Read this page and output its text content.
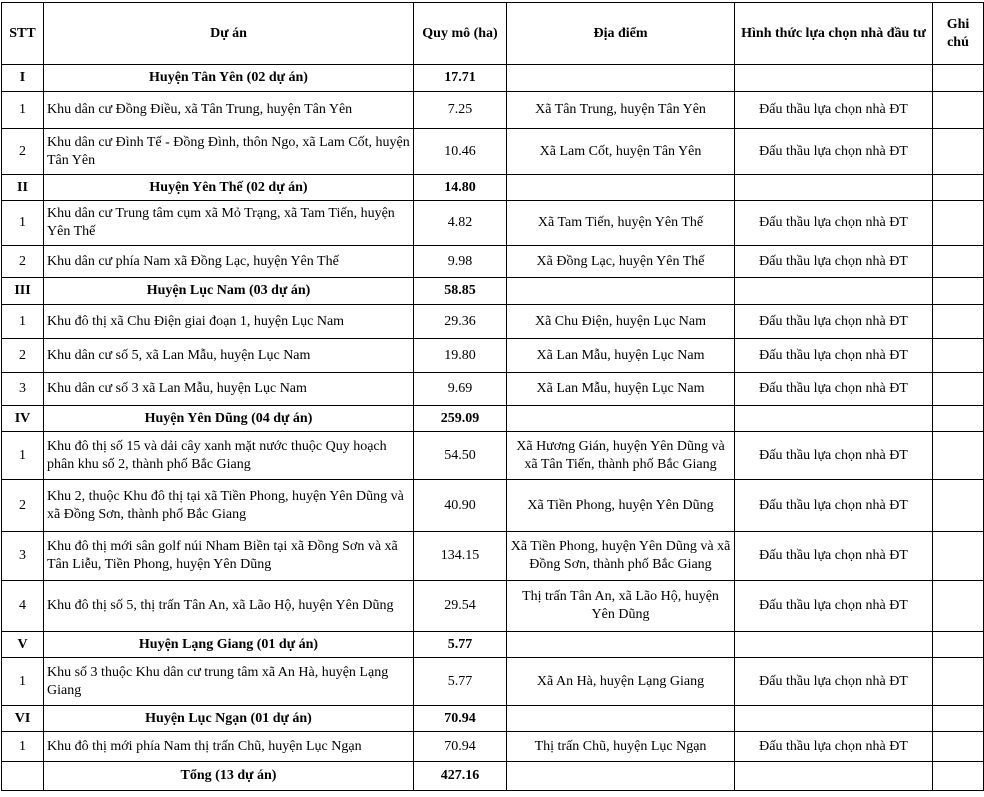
STT	Dự án	Quy mô (ha)	Địa điểm	Hình thức lựa chọn nhà đầu tư	Ghi chú
I	Huyện Tân Yên (02 dự án)	17.71			
1	Khu dân cư Đồng Điều, xã Tân Trung, huyện Tân Yên	7.25	Xã Tân Trung, huyện Tân Yên	Đấu thầu lựa chọn nhà ĐT	
2	Khu dân cư Đình Tế - Đồng Đình, thôn Ngo, xã Lam Cốt, huyện Tân Yên	10.46	Xã Lam Cốt, huyện Tân Yên	Đấu thầu lựa chọn nhà ĐT	
II	Huyện Yên Thế (02 dự án)	14.80			
1	Khu dân cư Trung tâm cụm xã Mỏ Trạng, xã Tam Tiến, huyện Yên Thế	4.82	Xã Tam Tiến, huyện Yên Thế	Đấu thầu lựa chọn nhà ĐT	
2	Khu dân cư phía Nam xã Đồng Lạc, huyện Yên Thế	9.98	Xã Đồng Lạc, huyện Yên Thế	Đấu thầu lựa chọn nhà ĐT	
III	Huyện Lục Nam (03 dự án)	58.85			
1	Khu đô thị xã Chu Điện giai đoạn 1, huyện Lục Nam	29.36	Xã Chu Điện, huyện Lục Nam	Đấu thầu lựa chọn nhà ĐT	
2	Khu dân cư số 5, xã Lan Mẫu, huyện Lục Nam	19.80	Xã Lan Mẫu, huyện Lục Nam	Đấu thầu lựa chọn nhà ĐT	
3	Khu dân cư số 3 xã Lan Mẫu, huyện Lục Nam	9.69	Xã Lan Mẫu, huyện Lục Nam	Đấu thầu lựa chọn nhà ĐT	
IV	Huyện Yên Dũng (04 dự án)	259.09			
1	Khu đô thị số 15 và dải cây xanh mặt nước thuộc Quy hoạch phân khu số 2, thành phố Bắc Giang	54.50	Xã Hương Gián, huyện Yên Dũng và xã Tân Tiến, thành phố Bắc Giang	Đấu thầu lựa chọn nhà ĐT	
2	Khu 2, thuộc Khu đô thị tại xã Tiền Phong, huyện Yên Dũng và xã Đồng Sơn, thành phố Bắc Giang	40.90	Xã Tiền Phong, huyện Yên Dũng	Đấu thầu lựa chọn nhà ĐT	
3	Khu đô thị mới sân golf núi Nham Biền tại xã Đồng Sơn và xã Tân Liễu, Tiền Phong, huyện Yên Dũng	134.15	Xã Tiền Phong, huyện Yên Dũng và xã Đồng Sơn, thành phố Bắc Giang	Đấu thầu lựa chọn nhà ĐT	
4	Khu đô thị số 5, thị trấn Tân An, xã Lão Hộ, huyện Yên Dũng	29.54	Thị trấn Tân An, xã Lão Hộ, huyện Yên Dũng	Đấu thầu lựa chọn nhà ĐT	
V	Huyện Lạng Giang (01 dự án)	5.77			
1	Khu số 3 thuộc Khu dân cư trung tâm xã An Hà, huyện Lạng Giang	5.77	Xã An Hà, huyện Lạng Giang	Đấu thầu lựa chọn nhà ĐT	
VI	Huyện Lục Ngạn (01 dự án)	70.94			
1	Khu đô thị mới phía Nam thị trấn Chũ, huyện Lục Ngạn	70.94	Thị trấn Chũ, huyện Lục Ngạn	Đấu thầu lựa chọn nhà ĐT	
	Tổng (13 dự án)	427.16			
